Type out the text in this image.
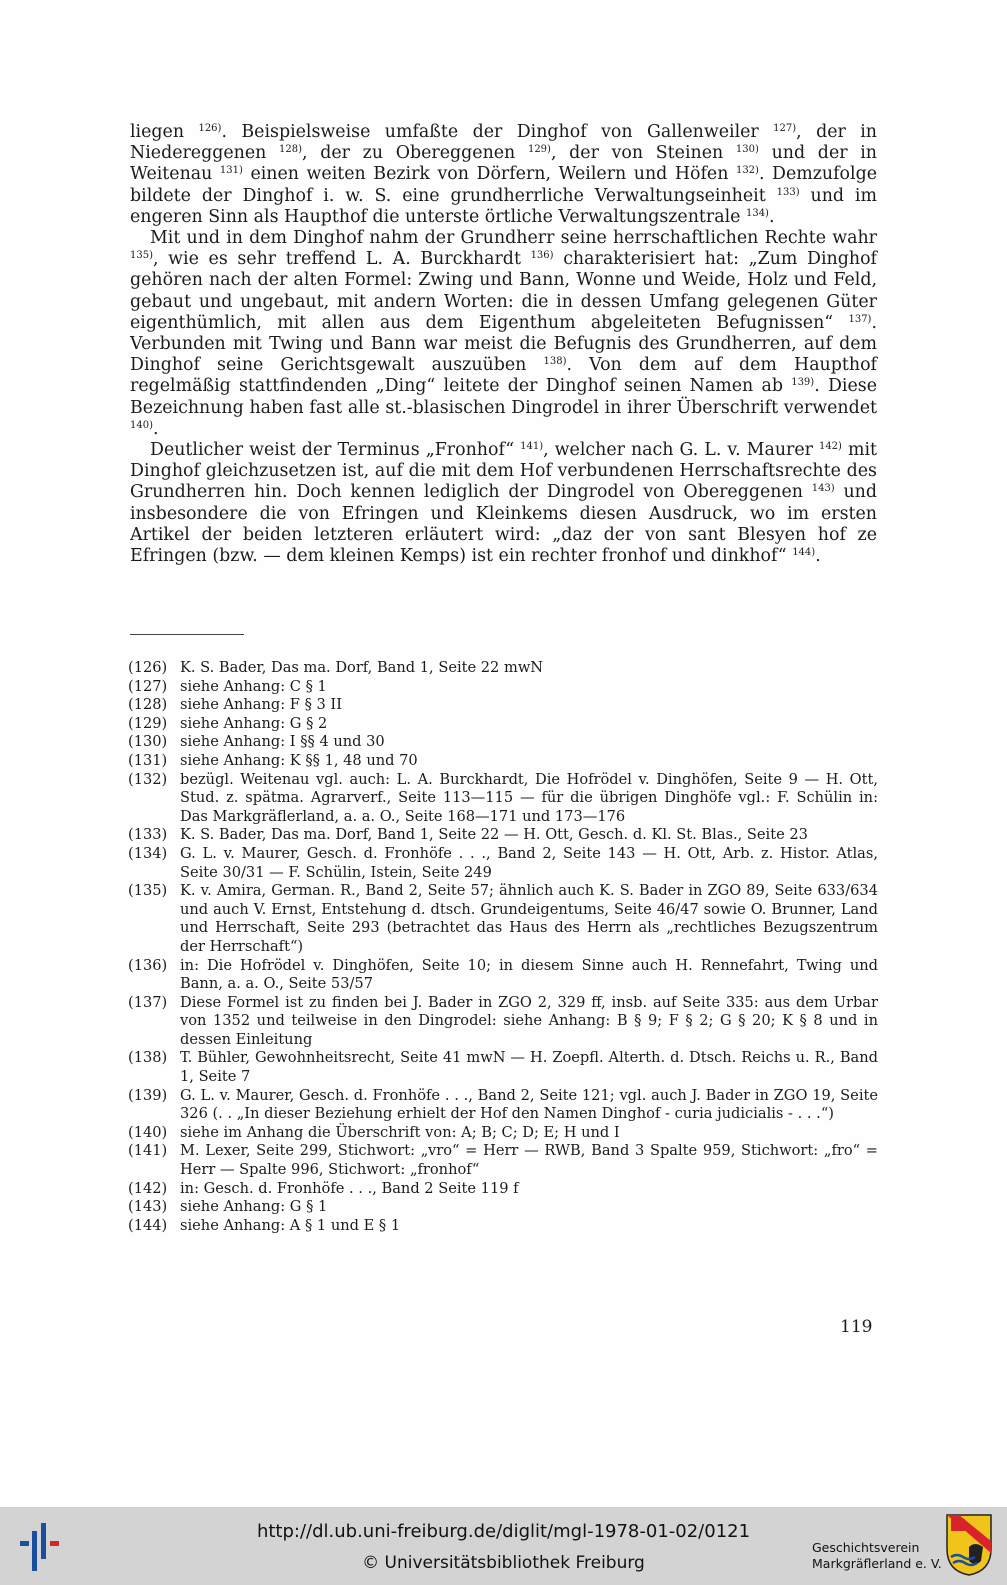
liegen $^{126)}$. Beispielsweise umfaßte der Dinghof von Gallenweiler $^{127)}$, der in Niedereggenen $^{128)}$, der zu Obereggenen $^{129)}$, der von Steinen $^{130)}$ und der in Weitenau $^{131)}$ einen weiten Bezirk von Dörfern, Weilern und Höfen $^{132)}$. Demzufolge bildete der Dinghof i. w. S. eine grundherrliche Verwaltungseinheit $^{133)}$ und im engeren Sinn als Haupthof die unterste örtliche Verwaltungszentrale $^{134)}$.

Mit und in dem Dinghof nahm der Grundherr seine herrschaftlichen Rechte wahr $^{135)}$, wie es sehr treffend L. A. Burckhardt $^{136)}$ charakterisiert hat: „Zum Dinghof gehören nach der alten Formel: Zwing und Bann, Wonne und Weide, Holz und Feld, gebaut und ungebaut, mit andern Worten: die in dessen Umfang gelegenen Güter eigenthümlich, mit allen aus dem Eigenthum abgeleiteten Befugnissen“ $^{137)}$. Verbunden mit Twing und Bann war meist die Befugnis des Grundherren, auf dem Dinghof seine Gerichtsgewalt auszuüben $^{138)}$. Von dem auf dem Haupthof regelmäßig stattfindenden „Ding“ leitete der Dinghof seinen Namen ab $^{139)}$. Diese Bezeichnung haben fast alle st.-blasischen Dingrodel in ihrer Überschrift verwendet $^{140)}$.

Deutlicher weist der Terminus „Fronhof“ $^{141)}$, welcher nach G. L. v. Maurer $^{142)}$ mit Dinghof gleichzusetzen ist, auf die mit dem Hof verbundenen Herrschaftsrechte des Grundherren hin. Doch kennen lediglich der Dingrodel von Obereggenen $^{143)}$ und insbesondere die von Efringen und Kleinkems diesen Ausdruck, wo im ersten Artikel der beiden letzteren erläutert wird: „daz der von sant Blesyen hof ze Efringen (bzw. — dem kleinen Kemps) ist ein rechter fronhof und dinkhof“ $^{144)}$.

(126) K. S. Bader, Das ma. Dorf, Band 1, Seite 22 mwN
(127) siehe Anhang: C § 1
(128) siehe Anhang: F § 3 II
(129) siehe Anhang: G § 2
(130) siehe Anhang: I §§ 4 und 30
(131) siehe Anhang: K §§ 1, 48 und 70
(132) bezügl. Weitenau vgl. auch: L. A. Burckhardt, Die Hofrödel v. Dinghöfen, Seite 9 — H. Ott, Stud. z. spätma. Agrarverf., Seite 113—115 — für die übrigen Dinghöfe vgl.: F. Schülin in: Das Markgräflerland, a. a. O., Seite 168—171 und 173—176
(133) K. S. Bader, Das ma. Dorf, Band 1, Seite 22 — H. Ott, Gesch. d. Kl. St. Blas., Seite 23
(134) G. L. v. Maurer, Gesch. d. Fronhöfe . . ., Band 2, Seite 143 — H. Ott, Arb. z. Histor. Atlas, Seite 30/31 — F. Schülin, Istein, Seite 249
(135) K. v. Amira, German. R., Band 2, Seite 57; ähnlich auch K. S. Bader in ZGO 89, Seite 633/634 und auch V. Ernst, Entstehung d. dtsch. Grundeigentums, Seite 46/47 sowie O. Brunner, Land und Herrschaft, Seite 293 (betrachtet das Haus des Herrn als „rechtliches Bezugszentrum der Herrschaft“)
(136) in: Die Hofrödel v. Dinghöfen, Seite 10; in diesem Sinne auch H. Rennefahrt, Twing und Bann, a. a. O., Seite 53/57
(137) Diese Formel ist zu finden bei J. Bader in ZGO 2, 329 ff, insb. auf Seite 335: aus dem Urbar von 1352 und teilweise in den Dingrodel: siehe Anhang: B § 9; F § 2; G § 20; K § 8 und in dessen Einleitung
(138) T. Bühler, Gewohnheitsrecht, Seite 41 mwN — H. Zoepfl. Alterth. d. Dtsch. Reichs u. R., Band 1, Seite 7
(139) G. L. v. Maurer, Gesch. d. Fronhöfe . . ., Band 2, Seite 121; vgl. auch J. Bader in ZGO 19, Seite 326 (. . „In dieser Beziehung erhielt der Hof den Namen Dinghof - curia judicialis - . . .“)
(140) siehe im Anhang die Überschrift von: A; B; C; D; E; H und I
(141) M. Lexer, Seite 299, Stichwort: „vro“ = Herr — RWB, Band 3 Spalte 959, Stichwort: „fro“ = Herr — Spalte 996, Stichwort: „fronhof“
(142) in: Gesch. d. Fronhöfe . . ., Band 2 Seite 119 f
(143) siehe Anhang: G § 1
(144) siehe Anhang: A § 1 und E § 1
119
http://dl.ub.uni-freiburg.de/diglit/mgl-1978-01-02/0121
© Universitätsbibliothek Freiburg
Geschichtsverein
Markgräflerland e. V.
